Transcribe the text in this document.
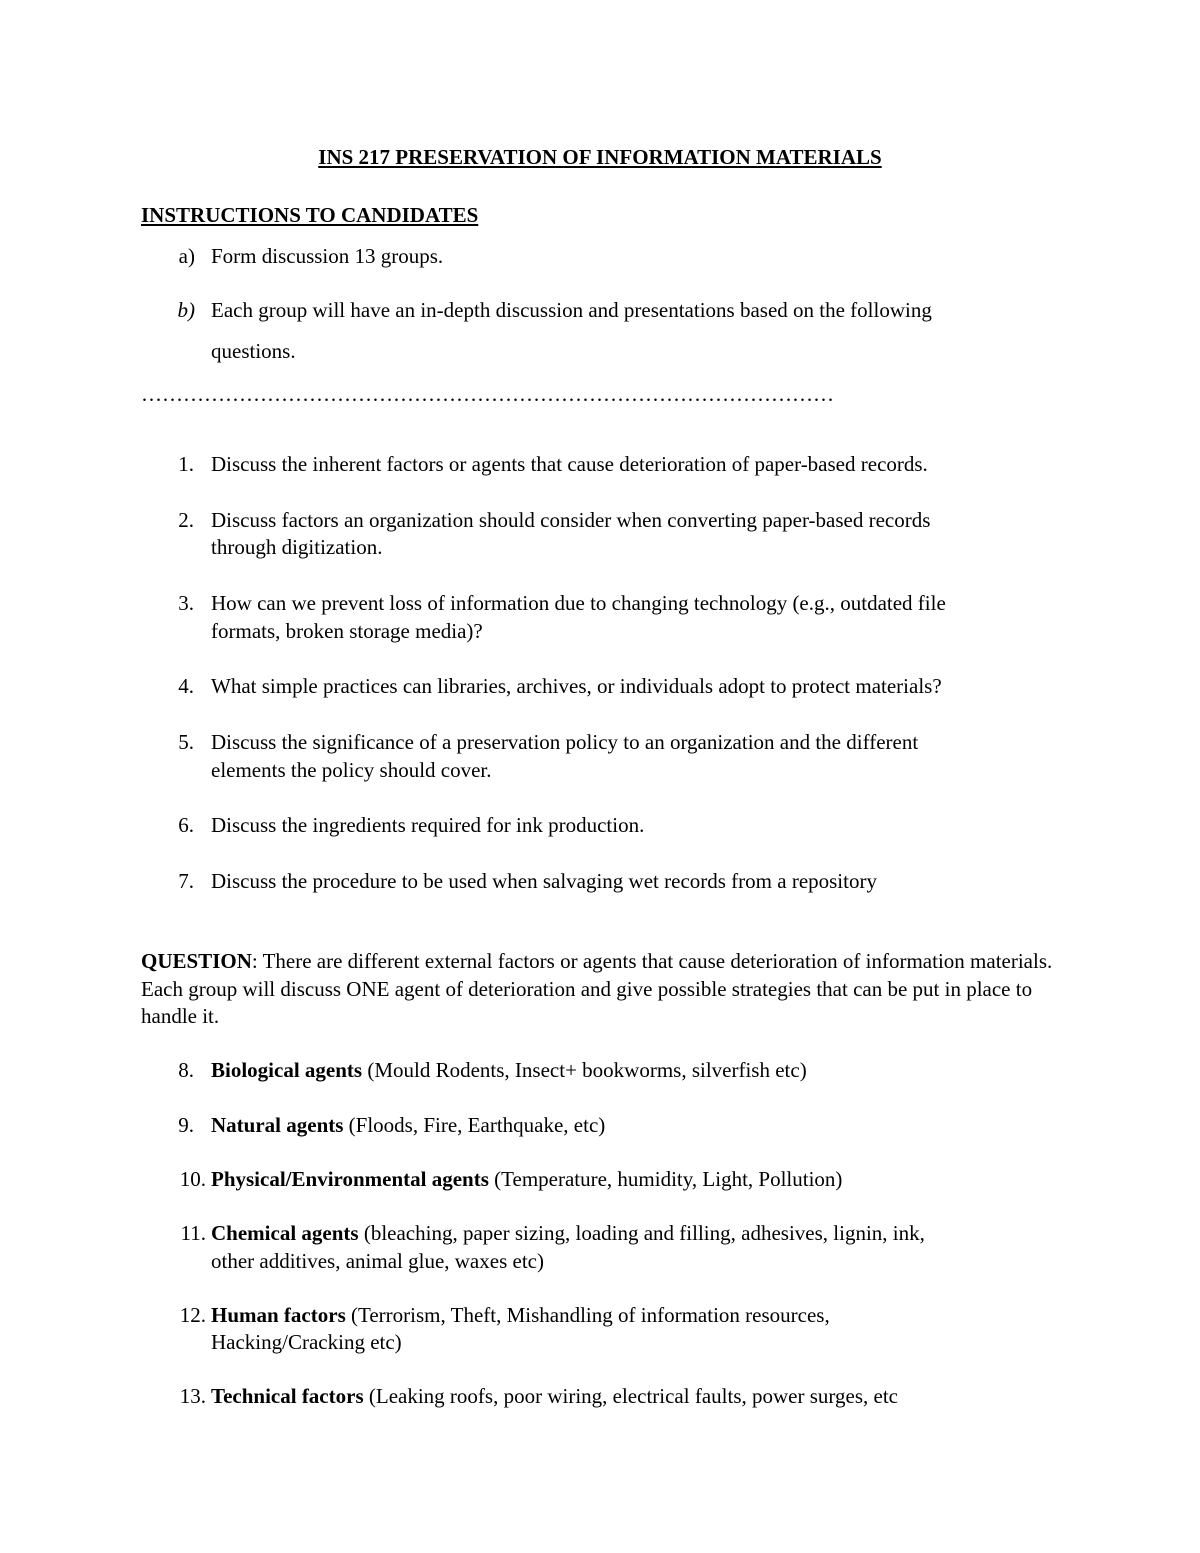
INS 217 PRESERVATION OF INFORMATION MATERIALS
INSTRUCTIONS TO CANDIDATES
a) Form discussion 13 groups.
b) Each group will have an in-depth discussion and presentations based on the following
questions.
………………………………………………………………………………………
1. Discuss the inherent factors or agents that cause deterioration of paper-based records.
2. Discuss factors an organization should consider when converting paper-based records
through digitization.
3. How can we prevent loss of information due to changing technology (e.g., outdated file
formats, broken storage media)?
4. What simple practices can libraries, archives, or individuals adopt to protect materials?
5. Discuss the significance of a preservation policy to an organization and the different
elements the policy should cover.
6. Discuss the ingredients required for ink production.
7. Discuss the procedure to be used when salvaging wet records from a repository
QUESTION: There are different external factors or agents that cause deterioration of information materials. Each group will discuss ONE agent of deterioration and give possible strategies that can be put in place to handle it.
8. Biological agents (Mould Rodents, Insect+ bookworms, silverfish etc)
9. Natural agents (Floods, Fire, Earthquake, etc)
10. Physical/Environmental agents (Temperature, humidity, Light, Pollution)
11. Chemical agents (bleaching, paper sizing, loading and filling, adhesives, lignin, ink,
other additives, animal glue, waxes etc)
12. Human factors (Terrorism, Theft, Mishandling of information resources,
Hacking/Cracking etc)
13. Technical factors (Leaking roofs, poor wiring, electrical faults, power surges, etc
